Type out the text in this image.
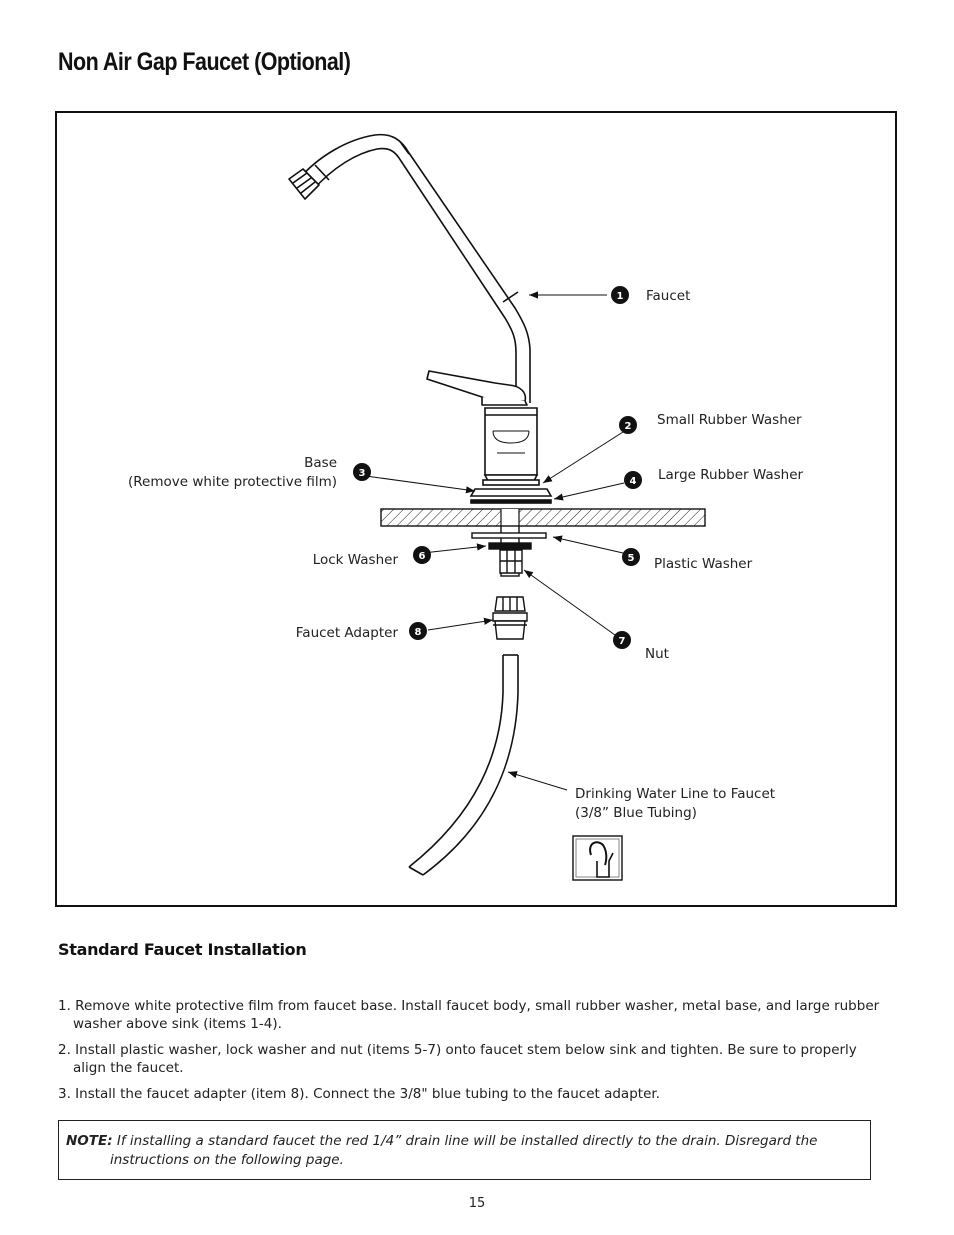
Non Air Gap Faucet (Optional)
1
2
3
4
5
6
7
8
Faucet
Small Rubber Washer
Large Rubber Washer
Base
(Remove white protective film)
Lock Washer	Plastic Washer
Faucet Adapter
Nut
Drinking Water Line to Faucet
(3/8” Blue Tubing)
Standard Faucet Installation
1. Remove white protective film from faucet base. Install faucet body, small rubber washer, metal base, and large rubber washer above sink (items 1-4).
2. Install plastic washer, lock washer and nut (items 5-7) onto faucet stem below sink and tighten. Be sure to properly align the faucet.
3. Install the faucet adapter (item 8). Connect the 3/8" blue tubing to the faucet adapter.
NOTE: If installing a standard faucet the red 1/4” drain line will be installed directly to the drain. Disregard the instructions on the following page.
15
